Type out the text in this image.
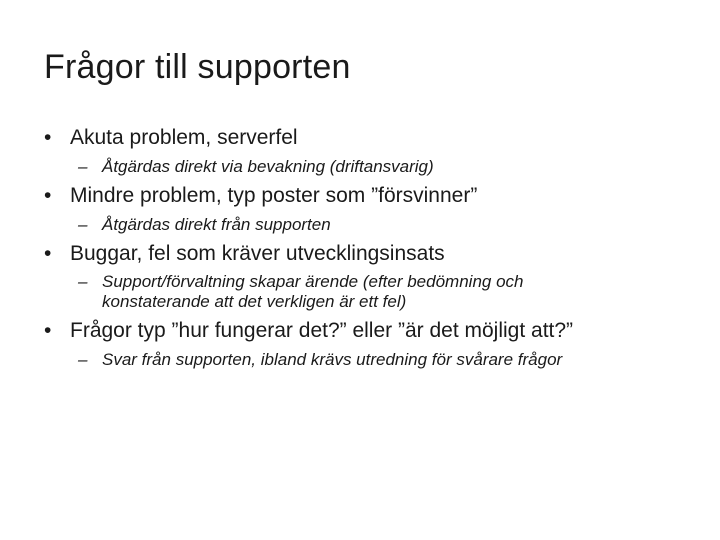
Frågor till supporten
• Akuta problem, serverfel
– Åtgärdas direkt via bevakning (driftansvarig)
• Mindre problem, typ poster som ”försvinner”
– Åtgärdas direkt från supporten
• Buggar, fel som kräver utvecklingsinsats
– Support/förvaltning skapar ärende (efter bedömning och konstaterande att det verkligen är ett fel)
• Frågor typ ”hur fungerar det?” eller ”är det möjligt att?”
– Svar från supporten, ibland krävs utredning för svårare frågor
